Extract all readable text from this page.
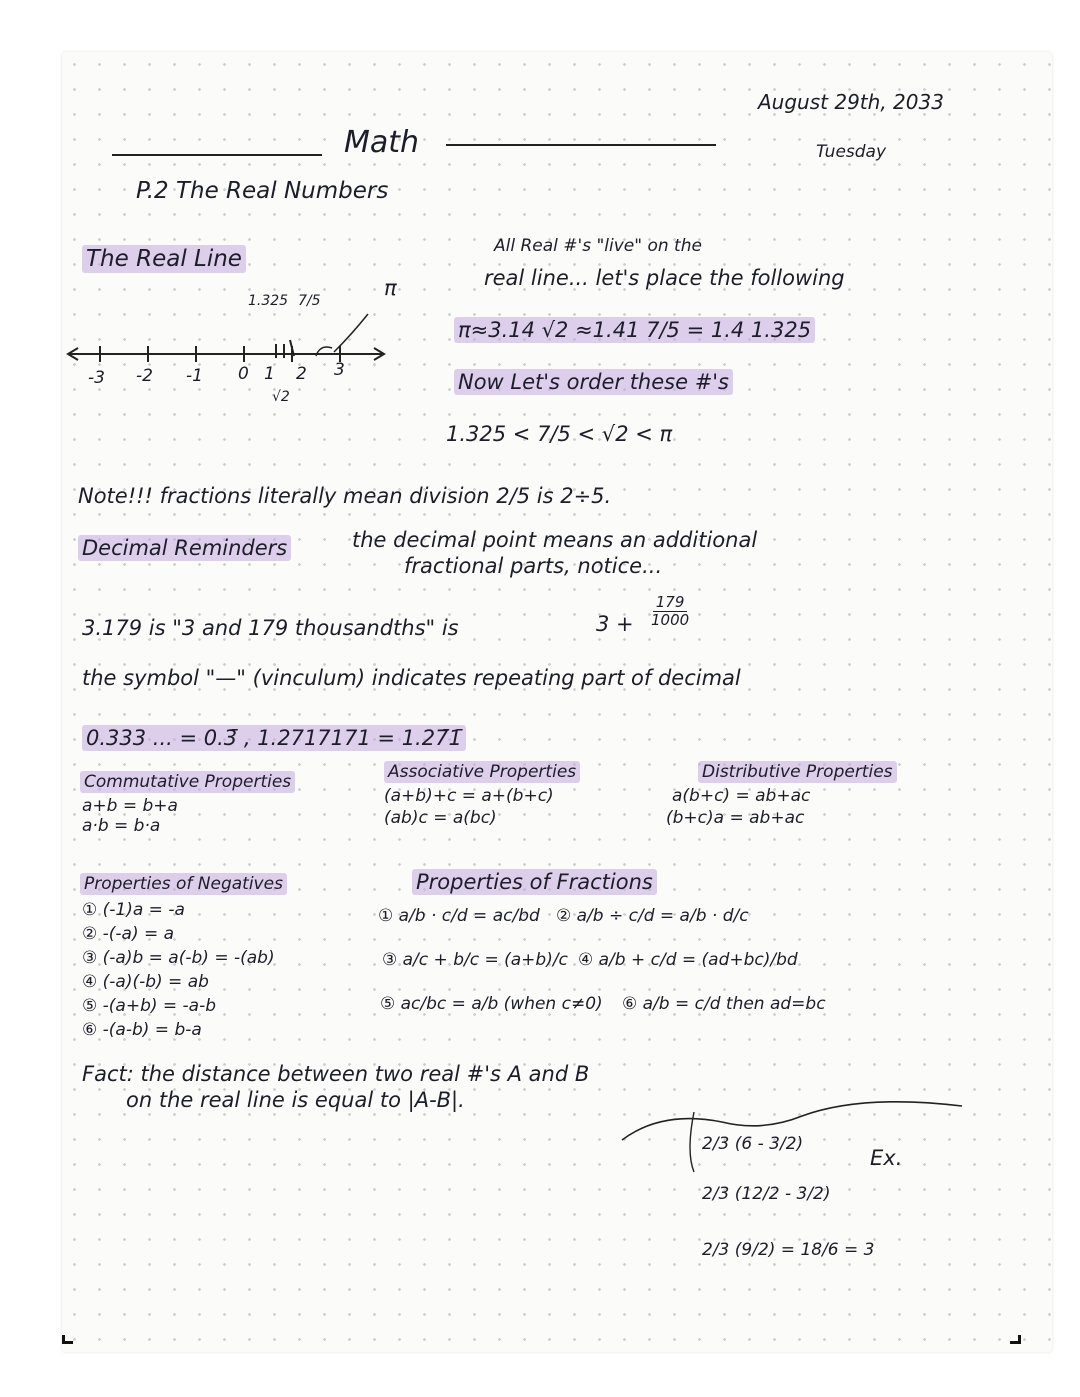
Math
August 29th, 2033
Tuesday
P.2 The Real Numbers
The Real Line
1.325 7/5
π
-3 -2 -1 0 1 2 3
√2
All Real #'s "live" on the
real line... let's place the following
π≈3.14 √2 ≈1.41 7/5 = 1.4 1.325
Now Let's order these #'s
1.325 < 7/5 < √2 < π
Note!!! fractions literally mean division 2/5 is 2÷5.
Decimal Reminders	the decimal point means an additional
fractional parts, notice...
3.179 is "3 and 179 thousandths" is	$3 + \frac{179}{1000}$
the symbol "—" (vinculum) indicates repeating part of decimal
0.333 ... = 0.3̄ , 1.2717171 = 1.27̄1̄
Commutative Properties
a+b = b+a
a·b = b·a
Associative Properties
(a+b)+c = a+(b+c)
(ab)c = a(bc)
Distributive Properties
a(b+c) = ab+ac
(b+c)a = ab+ac
Properties of Negatives
① (-1)a = -a
② -(-a) = a
③ (-a)b = a(-b) = -(ab)
④ (-a)(-b) = ab
⑤ -(a+b) = -a-b
⑥ -(a-b) = b-a
Properties of Fractions
① a/b · c/d = ac/bd ② a/b ÷ c/d = a/b · d/c
③ a/c + b/c = (a+b)/c ④ a/b + c/d = (ad+bc)/bd
⑤ ac/bc = a/b (when c≠0) ⑥ a/b = c/d then ad=bc
Fact: the distance between two real #'s A and B
on the real line is equal to |A-B|.
2/3 (6 - 3/2)
2/3 (12/2 - 3/2)
2/3 (9/2) = 18/6 = 3
Ex.
